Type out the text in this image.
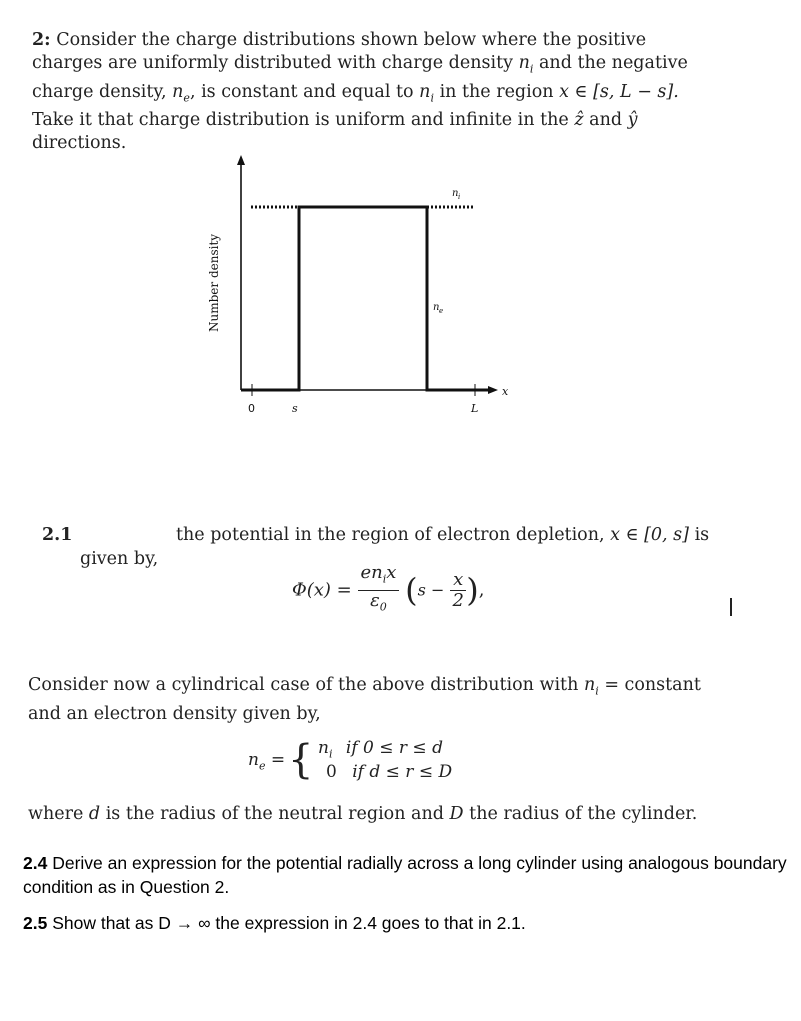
2: Consider the charge distributions shown below where the positive charges are uniformly distributed with charge density $n_i$ and the negative charge density, $n_e$, is constant and equal to $n_i$ in the region x ∈ [s, L − s]. Take it that charge distribution is uniform and infinite in the ẑ and ŷ directions.
Number density
x
n i
n e
0	s	L
2.1	the potential in the region of electron depletion, x ∈ [0, s] is
given by,
$\Phi(x) = \frac{en_ix}{\varepsilon_0} (s - \frac{x}{2}$ ),
Consider now a cylindrical case of the above distribution with $n_i$ = constant and an electron density given by,
$n_e$ = { $n_i$ if 0 ≤ r ≤ d
0 if d ≤ r ≤ D
where d is the radius of the neutral region and D the radius of the cylinder.
2.4 Derive an expression for the potential radially across a long cylinder using analogous boundary condition as in Question 2.
2.5 Show that as D → ∞ the expression in 2.4 goes to that in 2.1.
